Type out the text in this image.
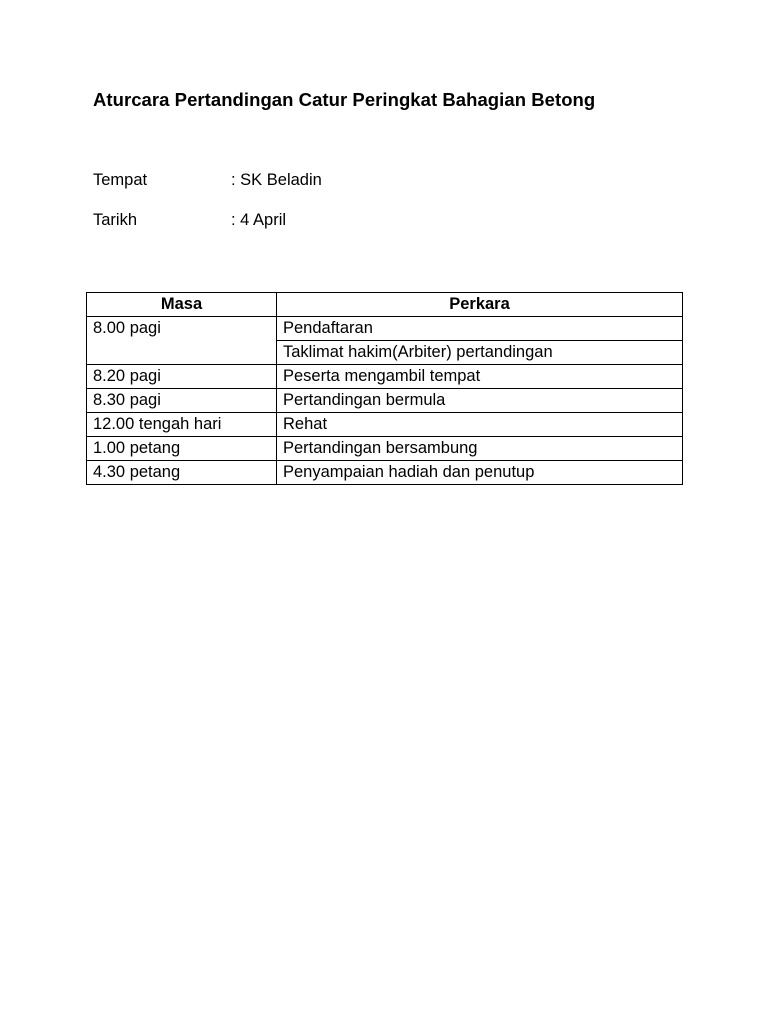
Aturcara Pertandingan Catur Peringkat Bahagian Betong
Tempat	: SK Beladin
Tarikh	: 4 April
Masa	Perkara
8.00 pagi	Pendaftaran
	Taklimat hakim(Arbiter) pertandingan
8.20 pagi	Peserta mengambil tempat
8.30 pagi	Pertandingan bermula
12.00 tengah hari	Rehat
1.00 petang	Pertandingan bersambung
4.30 petang	Penyampaian hadiah dan penutup
